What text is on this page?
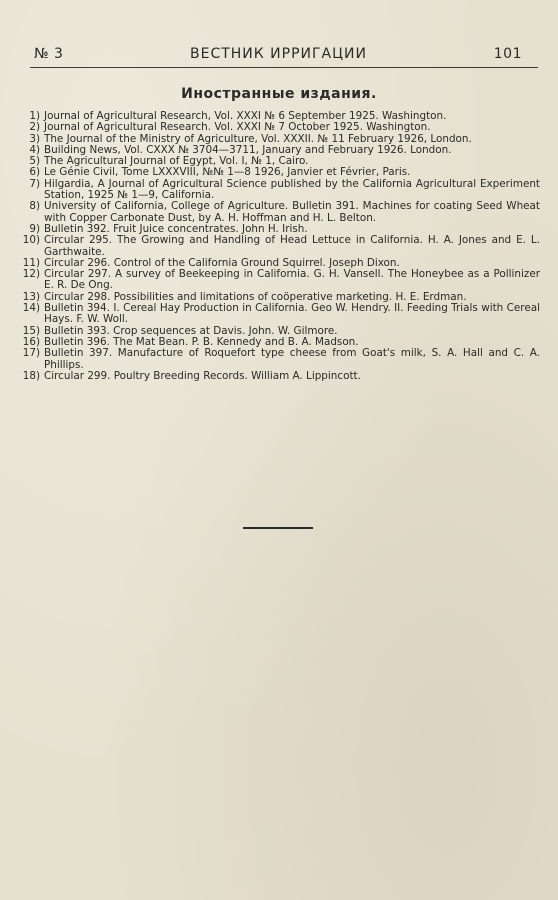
№ 3	ВЕСТНИК ИРРИГАЦИИ	101
Иностранные издания.
1) Journal of Agricultural Research, Vol. XXXI № 6 September 1925. Washington.
2) Journal of Agricultural Research. Vol. XXXI № 7 October 1925. Washington.
3) The Journal of the Ministry of Agriculture, Vol. XXXII. № 11 February 1926, London.
4) Building News, Vol. CXXX № 3704—3711, January and February 1926. London.
5) The Agricultural Journal of Egypt, Vol. I, № 1, Cairo.
6) Le Génie Civil, Tome LXXXVIII, №№ 1—8 1926, Janvier et Février, Paris.
7) Hilgardia, A Journal of Agricultural Science published by the California Agricultural Experiment Station, 1925 № 1—9, California.
8) University of California, College of Agriculture. Bulletin 391. Machines for coating Seed Wheat with Copper Carbonate Dust, by A. H. Hoffman and H. L. Belton.
9) Bulletin 392. Fruit Juice concentrates. John H. Irish.
10) Circular 295. The Growing and Handling of Head Lettuce in California. H. A. Jones and E. L. Garthwaite.
11) Circular 296. Control of the California Ground Squirrel. Joseph Dixon.
12) Circular 297. A survey of Beekeeping in California. G. H. Vansell. The Honeybee as a Pollinizer E. R. De Ong.
13) Circular 298. Possibilities and limitations of coöperative marketing. H. E. Erdman.
14) Bulletin 394. I. Cereal Hay Production in California. Geo W. Hendry. II. Feeding Trials with Cereal Hays. F. W. Woll.
15) Bulletin 393. Crop sequences at Davis. John. W. Gilmore.
16) Bulletin 396. The Mat Bean. P. B. Kennedy and B. A. Madson.
17) Bulletin 397. Manufacture of Roquefort type cheese from Goat's milk, S. A. Hall and C. A. Phillips.
18) Circular 299. Poultry Breeding Records. William A. Lippincott.
